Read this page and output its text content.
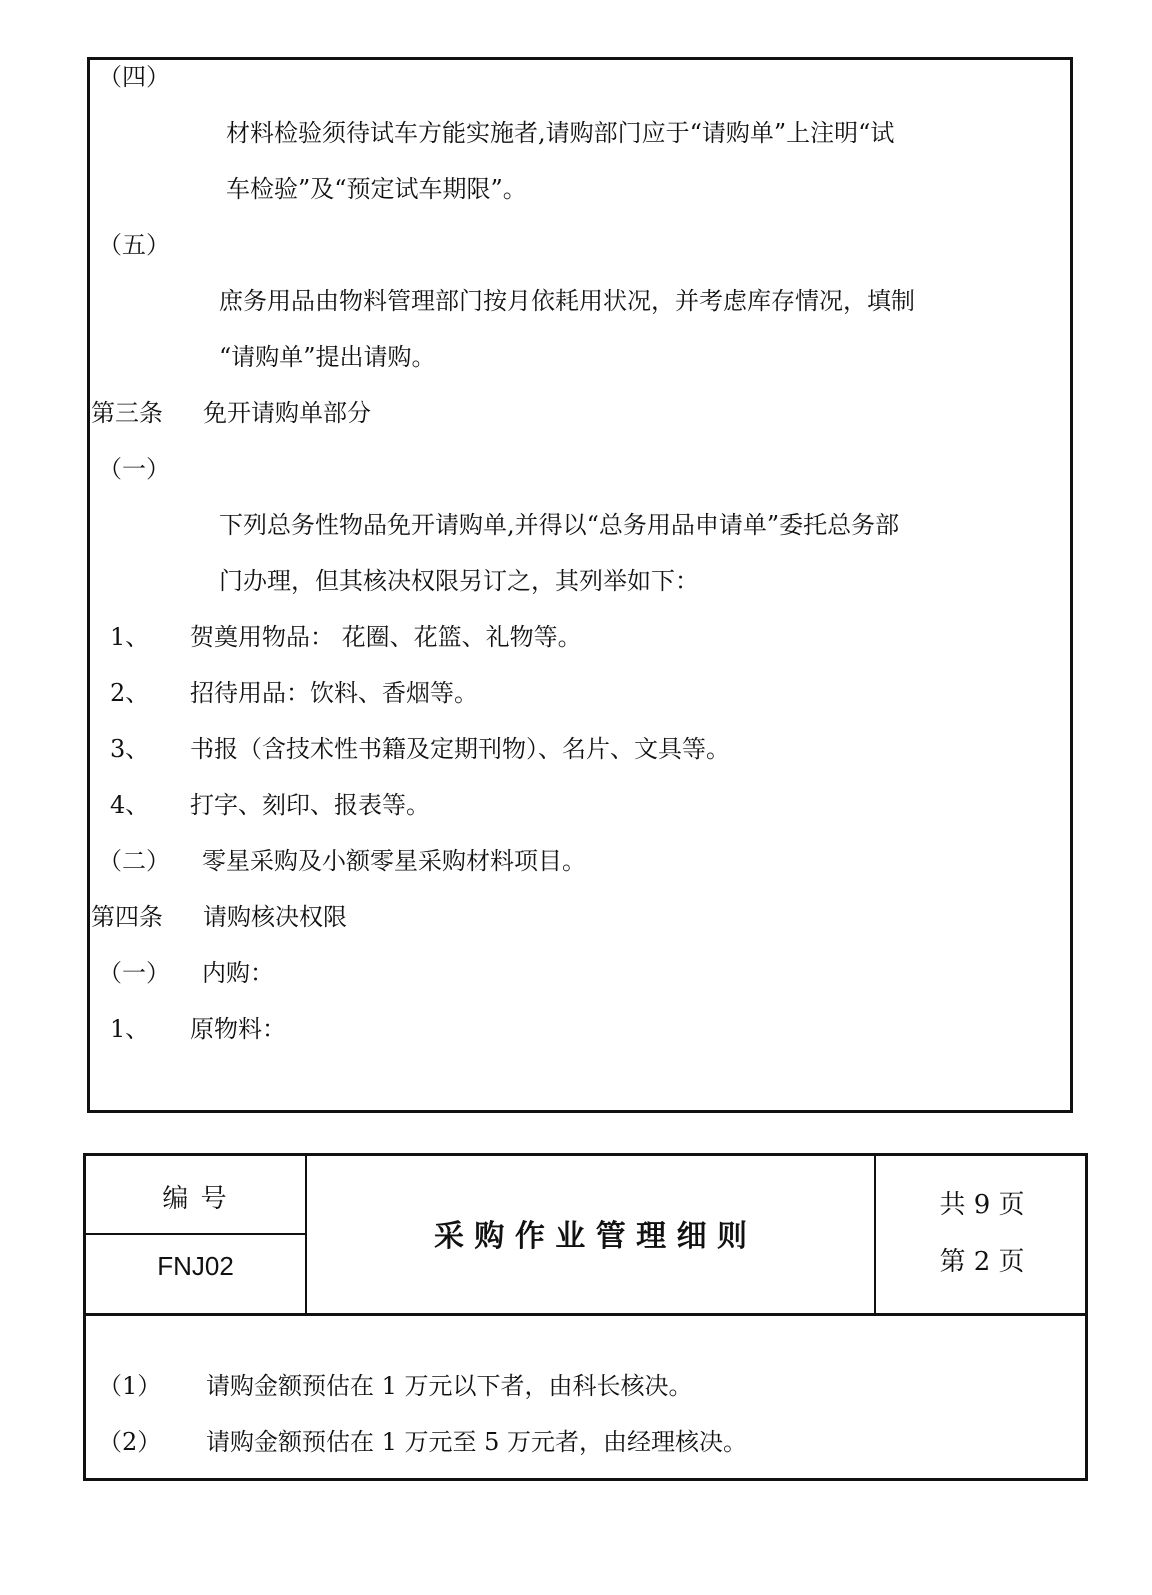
（四）
材料检验须待试车方能实施者,请购部门应于“请购单”上注明“试
车检验”及“预定试车期限”。
（五）
庶务用品由物料管理部门按月依耗用状况，并考虑库存情况，填制
“请购单”提出请购。
第三条 免开请购单部分
（一）
下列总务性物品免开请购单,并得以“总务用品申请单”委托总务部
门办理，但其核决权限另订之，其列举如下：
1、 贺奠用物品： 花圈、花篮、礼物等。
2、 招待用品：饮料、香烟等。
3、 书报（含技术性书籍及定期刊物）、名片、文具等。
4、 打字、刻印、报表等。
（二） 零星采购及小额零星采购材料项目。
第四条 请购核决权限
（一） 内购：
1、 原物料：
编 号
FNJ02
采 购 作 业 管 理 细 则
共 9 页
第 2 页
（1） 请购金额预估在 1 万元以下者，由科长核决。
（2） 请购金额预估在 1 万元至 5 万元者，由经理核决。
